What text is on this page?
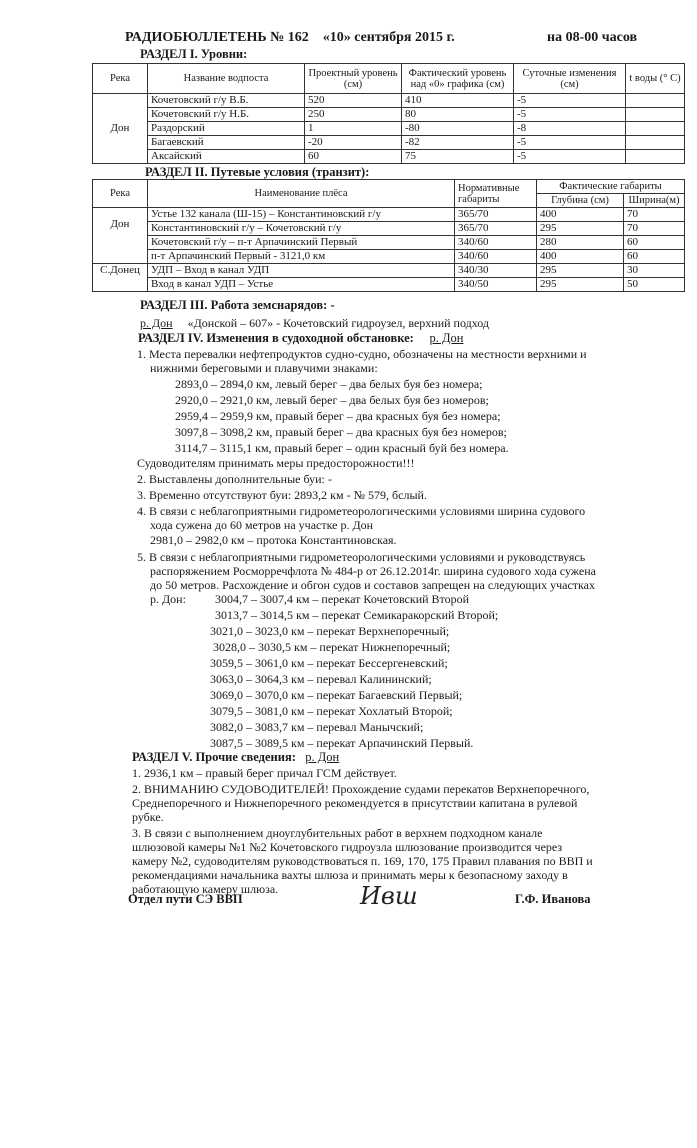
РАДИОБЮЛЛЕТЕНЬ № 162 «10» сентября 2015 г.	на 08-00 часов
РАЗДЕЛ I. Уровни:
Река	Название водпоста	Проектный уровень (см)	Фактический уровень над «0» графика (см)	Суточные изменения (см)	t воды (° С)
Дон	Кочетовский г/у В.Б.	520	410	-5	
	Кочетовский г/у Н.Б.	250	80	-5	
	Раздорский	1	-80	-8	
	Багаевский	-20	-82	-5	
	Аксайский	60	75	-5	
РАЗДЕЛ II. Путевые условия (транзит):
Река	Наименование плёса	Нормативные габариты	Фактические габариты	
			Глубина (см)	Ширина(м)
Дон	Устье 132 канала (Ш-15) – Константиновский г/у	365/70	400	70
	Константиновский г/у – Кочетовский г/у	365/70	295	70
	Кочетовский г/у – п-т Арпачинский Первый	340/60	280	60
	п-т Арпачинский Первый - 3121,0 км	340/60	400	60
С.Донец	УДП – Вход в канал УДП	340/30	295	30
	Вход в канал УДП – Устье	340/50	295	50
РАЗДЕЛ III. Работа земснарядов: -
р. Дон «Донской – 607» - Кочетовский гидроузел, верхний подход
РАЗДЕЛ IV. Изменения в судоходной обстановке: р. Дон
1. Места перевалки нефтепродуктов судно-судно, обозначены на местности верхними и
нижними береговыми и плавучими знаками:
2893,0 – 2894,0 км, левый берег – два белых буя без номера;
2920,0 – 2921,0 км, левый берег – два белых буя без номеров;
2959,4 – 2959,9 км, правый берег – два красных буя без номера;
3097,8 – 3098,2 км, правый берег – два красных буя без номеров;
3114,7 – 3115,1 км, правый берег – один красный буй без номера.
Судоводителям принимать меры предосторожности!!!
2. Выставлены дополнительные буи: -
3. Временно отсутствуют буи: 2893,2 км - № 579, бслый.
4. В связи с неблагоприятными гидрометеорологическими условиями ширина судового
хода сужена до 60 метров на участке р. Дон
2981,0 – 2982,0 км – протока Константиновская.
5. В связи с неблагоприятными гидрометеорологическими условиями и руководствуясь
распоряжением Росморречфлота № 484-р от 26.12.2014г. ширина судового хода сужена
до 50 метров. Расхождение и обгон судов и составов запрещен на следующих участках
р. Дон: 3004,7 – 3007,4 км – перекат Кочетовский Второй
3013,7 – 3014,5 км – перекат Семикаракорский Второй;
3021,0 – 3023,0 км – перекат Верхнепоречный;
3028,0 – 3030,5 км – перекат Нижнепоречный;
3059,5 – 3061,0 км – перекат Бессергеневский;
3063,0 – 3064,3 км – перевал Калининский;
3069,0 – 3070,0 км – перекат Багаевский Первый;
3079,5 – 3081,0 км – перекат Хохлатый Второй;
3082,0 – 3083,7 км – перевал Манычский;
3087,5 – 3089,5 км – перекат Арпачинский Первый.
РАЗДЕЛ V. Прочие сведения: р. Дон
1. 2936,1 км – правый берег причал ГСМ действует.
2. ВНИМАНИЮ СУДОВОДИТЕЛЕЙ! Прохождение судами перекатов Верхнепоречного,
Среднепоречного и Нижнепоречного рекомендуется в присутствии капитана в рулевой
рубке.
3. В связи с выполнением дноуглубительных работ в верхнем подходном канале
шлюзовой камеры №1 №2 Кочетовского гидроузла шлюзование производится через
камеру №2, судоводителям руководствоваться п. 169, 170, 175 Правил плавания по ВВП и
рекомендациями начальника вахты шлюза и принимать меры к безопасному заходу в
работающую камеру шлюза.
Отдел пути СЭ ВВП	Ивш	Г.Ф. Иванова
